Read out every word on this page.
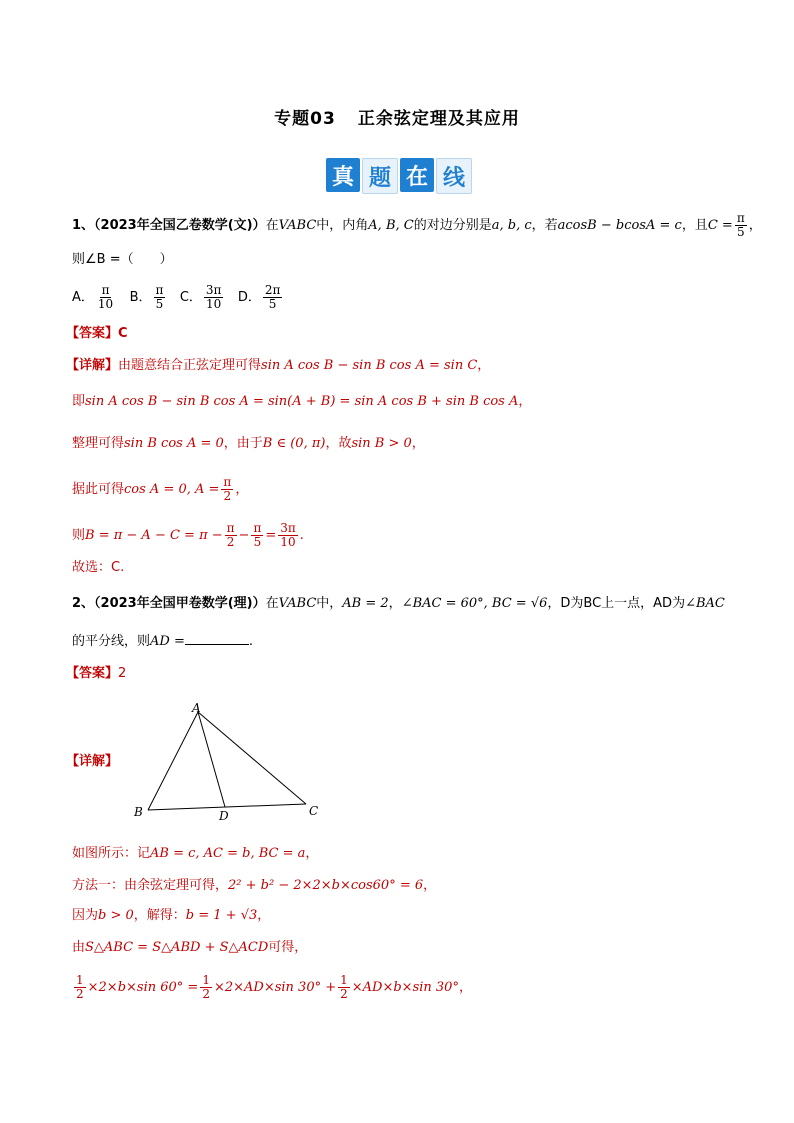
专题03 正余弦定理及其应用
真 题 在 线
1、（2023年全国乙卷数学(文)）在VABC中，内角A, B, C的对边分别是a, b, c，若acosB − bcosA = c，且$C = \frac{\pi}{5}$ ，
则∠B =（　　）
A． $\frac{\pi}{10}$ B． $\frac{\pi}{5}$ C． $\frac{3\pi}{10}$ D． $\frac{2\pi}{5}$
【答案】C
【详解】由题意结合正弦定理可得sin A cos B − sin B cos A = sin C，
即sin A cos B − sin B cos A = sin(A + B) = sin A cos B + sin B cos A，
整理可得sin B cos A = 0，由于B ∈ (0, π)，故sin B > 0，
据此可得cos A = 0, $A = \frac{\pi}{2}$ ，
则$B = \pi - A - C = \pi - \frac{\pi}{2} - \frac{\pi}{5} = \frac{3\pi}{10}$ .
故选：C.
2、（2023年全国甲卷数学(理)）在VABC中，AB = 2，∠BAC = 60°, BC = √6，D为BC上一点，AD为∠BAC
的平分线，则AD =	.
【答案】2
【详解】
A
B	C
D
如图所示：记AB = c, AC = b, BC = a，
方法一：由余弦定理可得，2² + b² − 2×2×b×cos60° = 6，
因为b > 0，解得：b = 1 + √3，
由S△ABC = S△ABD + S△ACD可得，
$\frac{1}{2} \times 2\times b\times\sin$ $60^\circ = \frac{1}{2} \times 2\times AD\times\sin$ $30^\circ + \frac{1}{2} \times AD\times b\times\sin$ 30°，
